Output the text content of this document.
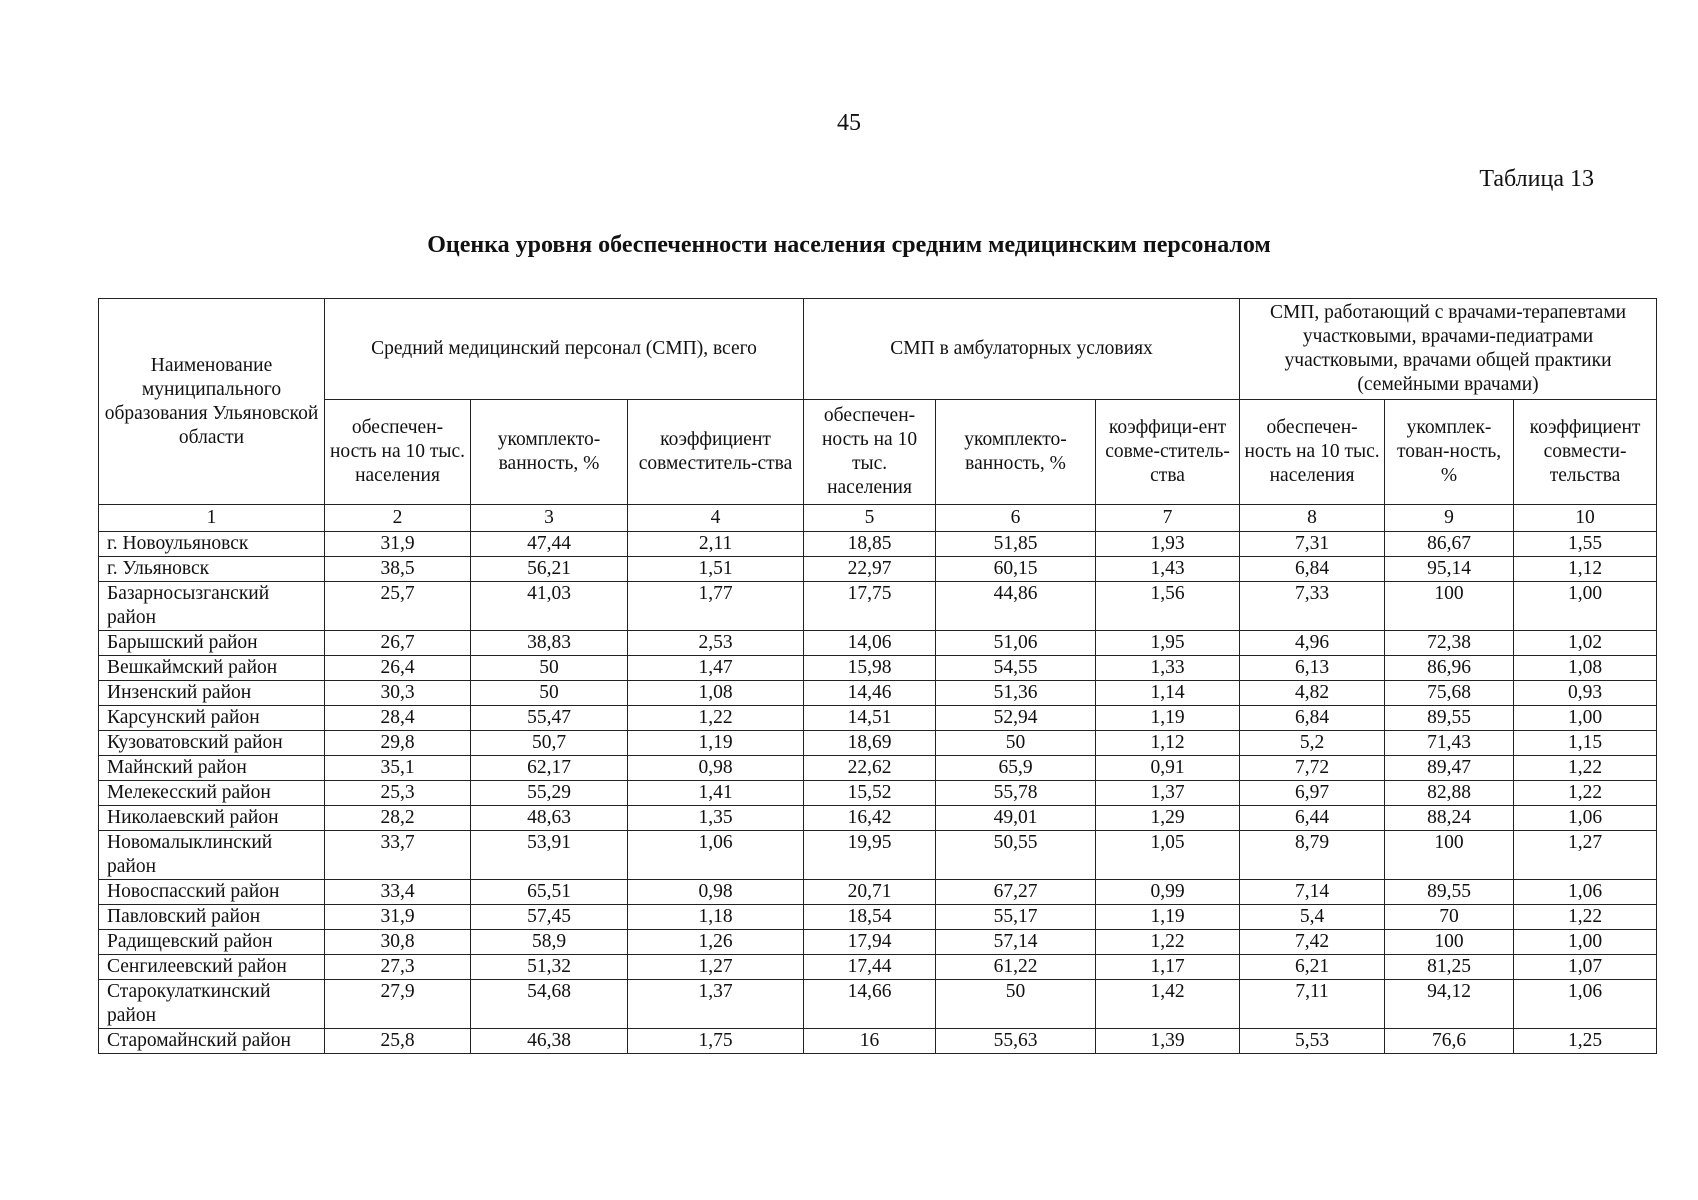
45
Таблица 13
Оценка уровня обеспеченности населения средним медицинским персоналом
Наименование муниципального образования Ульяновской области	Средний медицинский персонал (СМП), всего			СМП в амбулаторных условиях			СМП, работающий с врачами-терапевтами участковыми, врачами-педиатрами участковыми, врачами общей практики (семейными врачами)		
	обеспечен-ность на 10 тыс. населения	укомплекто-ванность, %	коэффициент совместитель-ства	обеспечен-ность на 10 тыс. населения	укомплекто-ванность, %	коэффици-ент совме-ститель-ства	обеспечен-ность на 10 тыс. населения	укомплек-тован-ность, %	коэффициент совмести-тельства
1	2	3	4	5	6	7	8	9	10
г. Новоульяновск	31,9	47,44	2,11	18,85	51,85	1,93	7,31	86,67	1,55
г. Ульяновск	38,5	56,21	1,51	22,97	60,15	1,43	6,84	95,14	1,12
Базарносызганский район	25,7	41,03	1,77	17,75	44,86	1,56	7,33	100	1,00
Барышский район	26,7	38,83	2,53	14,06	51,06	1,95	4,96	72,38	1,02
Вешкаймский район	26,4	50	1,47	15,98	54,55	1,33	6,13	86,96	1,08
Инзенский район	30,3	50	1,08	14,46	51,36	1,14	4,82	75,68	0,93
Карсунский район	28,4	55,47	1,22	14,51	52,94	1,19	6,84	89,55	1,00
Кузоватовский район	29,8	50,7	1,19	18,69	50	1,12	5,2	71,43	1,15
Майнский район	35,1	62,17	0,98	22,62	65,9	0,91	7,72	89,47	1,22
Мелекесский район	25,3	55,29	1,41	15,52	55,78	1,37	6,97	82,88	1,22
Николаевский район	28,2	48,63	1,35	16,42	49,01	1,29	6,44	88,24	1,06
Новомалыклинский район	33,7	53,91	1,06	19,95	50,55	1,05	8,79	100	1,27
Новоспасский район	33,4	65,51	0,98	20,71	67,27	0,99	7,14	89,55	1,06
Павловский район	31,9	57,45	1,18	18,54	55,17	1,19	5,4	70	1,22
Радищевский район	30,8	58,9	1,26	17,94	57,14	1,22	7,42	100	1,00
Сенгилеевский район	27,3	51,32	1,27	17,44	61,22	1,17	6,21	81,25	1,07
Старокулаткинский район	27,9	54,68	1,37	14,66	50	1,42	7,11	94,12	1,06
Старомайнский район	25,8	46,38	1,75	16	55,63	1,39	5,53	76,6	1,25
